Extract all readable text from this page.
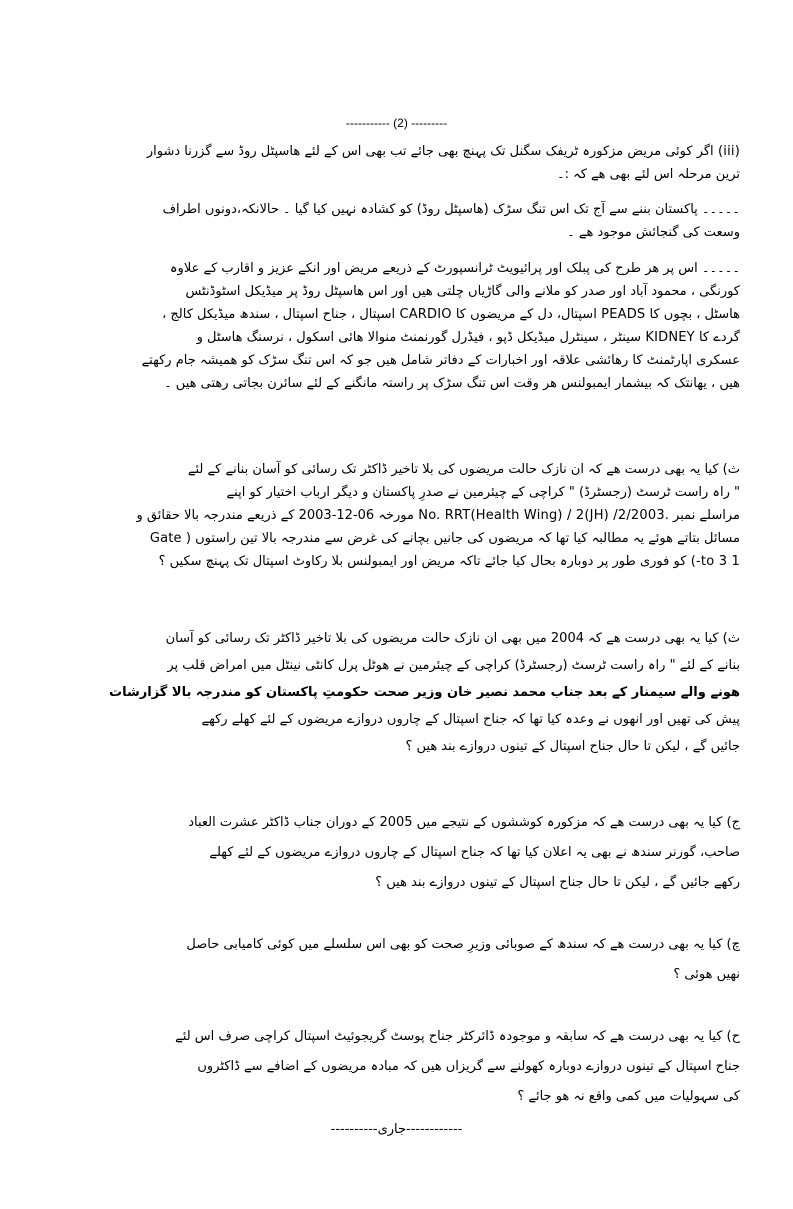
----------- (2) ---------
(iii) اگر کوئی مریض مزکورہ ٹریفک سگنل تک پہنچ بھی جائے تب بھی اس کے لئے ھاسپٹل روڈ سے گزرنا دشوار
ترین مرحلہ اس لئے بھی ھے کہ :۔
۔۔۔۔۔ پاکستان بننے سے آج تک اس تنگ سڑک (ھاسپٹل روڈ) کو کشادہ نہیں کیا گیا ۔ حالانکہ،دونوں اطراف
وسعت کی گنجائش موجود ھے ۔
۔۔۔۔۔ اس پر ھر طرح کی پبلک اور پرائیویٹ ٹرانسپورٹ کے ذریعے مریض اور انکے عزیز و اقارب کے علاوہ
کورنگی ، محمود آباد اور صدر کو ملانے والی گاڑیاں چلتی ھیں اور اس ھاسپٹل روڈ پر میڈیکل اسٹوڈنٹس
ھاسٹل ، بچوں کا PEADS اسپتال، دل کے مریضوں کا CARDIO اسپتال ، جناح اسپتال ، سندھ میڈیکل کالج ،
گردے کا KIDNEY سینٹر ، سینٹرل میڈیکل ڈپو ، فیڈرل گورنمنٹ منوالا ھائی اسکول ، نرسنگ ھاسٹل و
عسکری اپارٹمنٹ کا رھائشی علاقہ اور اخبارات کے دفاتر شامل ھیں جو کہ اس تنگ سڑک کو ھمیشہ جام رکھتے
ھیں ، یھانتک کہ بیشمار ایمبولنس ھر وقت اس تنگ سڑک پر راستہ مانگنے کے لئے سائرن بجاتی رھتی ھیں ۔
ث) کیا یہ بھی درست ھے کہ ان نازک حالت مریضوں کی بلا تاخیر ڈاکٹر تک رسائی کو آسان بنانے کے لئے
" راہ راست ٹرسٹ (رجسٹرڈ) " کراچی کے چیئرمین نے صدرِ پاکستان و دیگر ارباب اختیار کو اپنے
مراسلے نمبر .No. RRT(Health Wing) / 2(JH) /2/2003 مورخہ 06-12-2003 کے ذریعے مندرجہ بالا حقائق و
مسائل بتاتے ھوئے یہ مطالبہ کیا تھا کہ مریضوں کی جانیں بچانے کی غرض سے مندرجہ بالا تین راستوں ( Gate
1 to 3-) کو فوری طور پر دوبارہ بحال کیا جائے تاکہ مریض اور ایمبولنس بلا رکاوٹ اسپتال تک پہنچ سکیں ؟
ث) کیا یہ بھی درست ھے کہ 2004 میں بھی ان نازک حالت مریضوں کی بلا تاخیر ڈاکٹر تک رسائی کو آسان
بنانے کے لئے " راہ راست ٹرسٹ (رجسٹرڈ) کراچی کے چیئرمین نے ھوٹل پرل کانٹی نینٹل میں امراض قلب پر
ھونے والے سیمنار کے بعد جناب محمد نصیر خان وزیر صحت حکومتِ پاکستان کو مندرجہ بالا گزارشات
پیش کی تھیں اور انھوں نے وعدہ کیا تھا کہ جناح اسپتال کے چاروں دروازے مریضوں کے لئے کھلے رکھے
جائیں گے ، لیکن تا حال جناح اسپتال کے تینوں دروازے بند ھیں ؟
ج) کیا یہ بھی درست ھے کہ مزکورہ کوششوں کے نتیجے میں 2005 کے دوران جناب ڈاکٹر عشرت العباد
صاحب، گورنر سندھ نے بھی یہ اعلان کیا تھا کہ جناح اسپتال کے چاروں دروازے مریضوں کے لئے کھلے
رکھے جائیں گے ، لیکن تا حال جناح اسپتال کے تینوں دروازے بند ھیں ؟
چ) کیا یہ بھی درست ھے کہ سندھ کے صوبائی وزیرِ صحت کو بھی اس سلسلے میں کوئی کامیابی حاصل
نھیں ھوئی ؟
ح) کیا یہ بھی درست ھے کہ سابقہ و موجودہ ڈائرکٹر جناح پوسٹ گریجوئیٹ اسپتال کراچی صرف اس لئے
جناح اسپتال کے تینوں دروازے دوبارہ کھولنے سے گریزاں ھیں کہ مبادہ مریضوں کے اضافے سے ڈاکٹروں
کی سہولیات میں کمی واقع نہ ھو جائے ؟
----------جاری------------
